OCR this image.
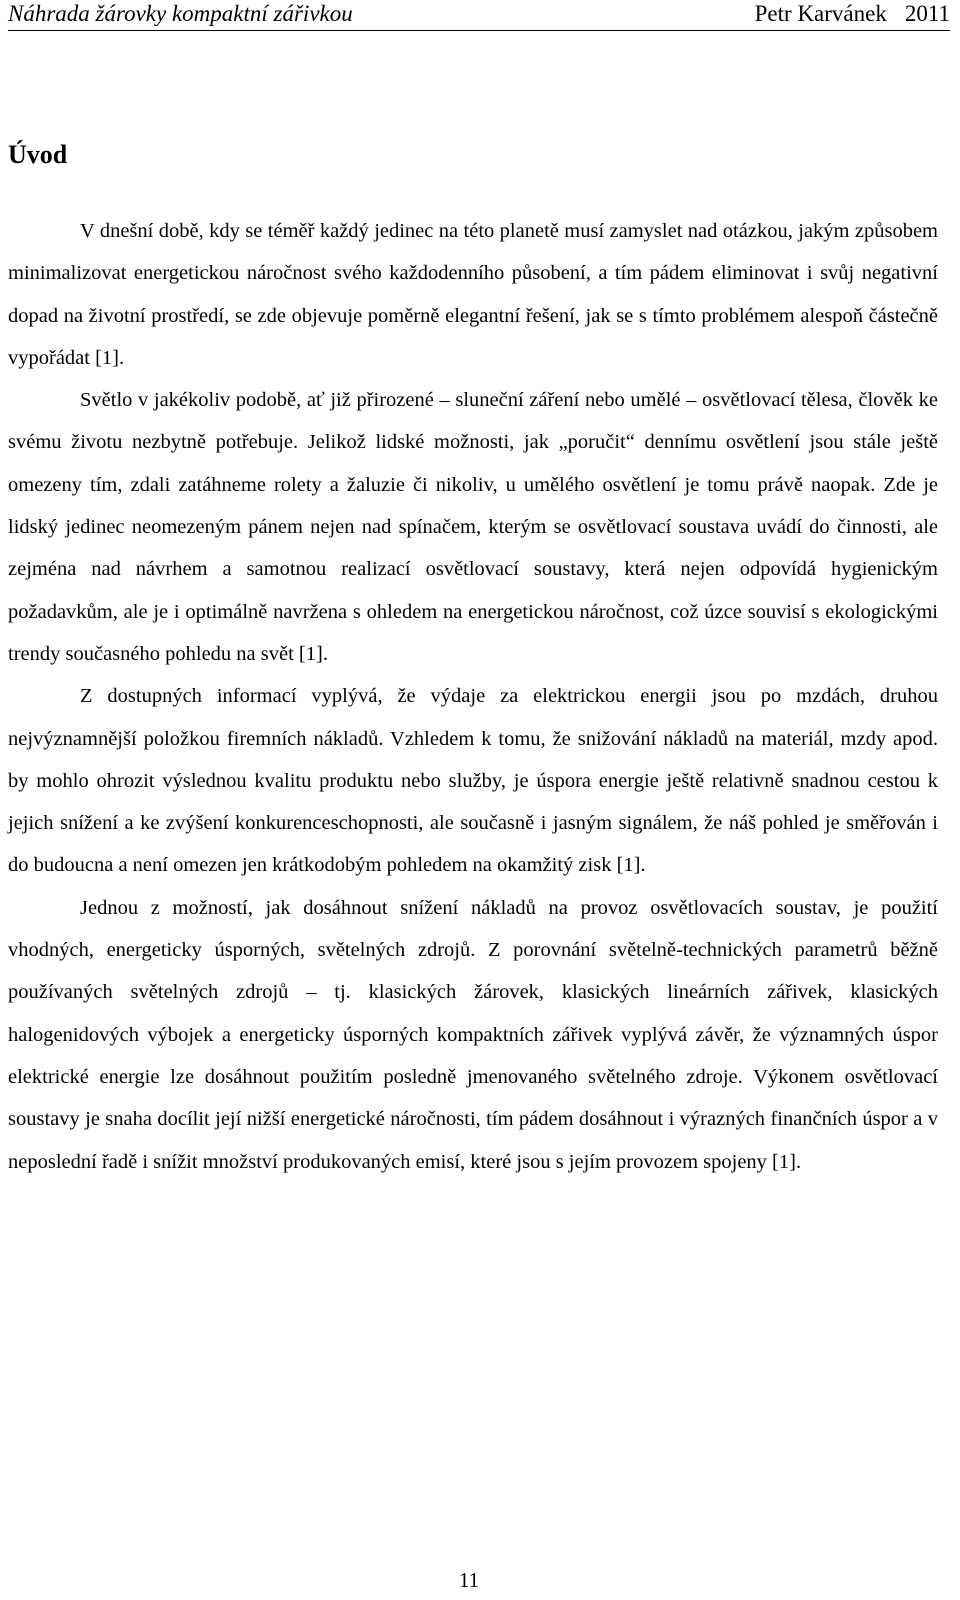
Náhrada žárovky kompaktní zářivkou	Petr Karvánek 2011
Úvod

V dnešní době, kdy se téměř každý jedinec na této planetě musí zamyslet nad otázkou, jakým způsobem minimalizovat energetickou náročnost svého každodenního působení, a tím pádem eliminovat i svůj negativní dopad na životní prostředí, se zde objevuje poměrně elegantní řešení, jak se s tímto problémem alespoň částečně vypořádat [1].

Světlo v jakékoliv podobě, ať již přirozené – sluneční záření nebo umělé – osvětlovací tělesa, člověk ke svému životu nezbytně potřebuje. Jelikož lidské možnosti, jak „poručit“ dennímu osvětlení jsou stále ještě omezeny tím, zdali zatáhneme rolety a žaluzie či nikoliv, u umělého osvětlení je tomu právě naopak. Zde je lidský jedinec neomezeným pánem nejen nad spínačem, kterým se osvětlovací soustava uvádí do činnosti, ale zejména nad návrhem a samotnou realizací osvětlovací soustavy, která nejen odpovídá hygienickým požadavkům, ale je i optimálně navržena s ohledem na energetickou náročnost, což úzce souvisí s ekologickými trendy současného pohledu na svět [1].

Z dostupných informací vyplývá, že výdaje za elektrickou energii jsou po mzdách, druhou nejvýznamnější položkou firemních nákladů. Vzhledem k tomu, že snižování nákladů na materiál, mzdy apod. by mohlo ohrozit výslednou kvalitu produktu nebo služby, je úspora energie ještě relativně snadnou cestou k jejich snížení a ke zvýšení konkurenceschopnosti, ale současně i jasným signálem, že náš pohled je směřován i do budoucna a není omezen jen krátkodobým pohledem na okamžitý zisk [1].

Jednou z možností, jak dosáhnout snížení nákladů na provoz osvětlovacích soustav, je použití vhodných, energeticky úsporných, světelných zdrojů. Z porovnání světelně-technických parametrů běžně používaných světelných zdrojů – tj. klasických žárovek, klasických lineárních zářivek, klasických halogenidových výbojek a energeticky úsporných kompaktních zářivek vyplývá závěr, že významných úspor elektrické energie lze dosáhnout použitím posledně jmenovaného světelného zdroje. Výkonem osvětlovací soustavy je snaha docílit její nižší energetické náročnosti, tím pádem dosáhnout i výrazných finančních úspor a v neposlední řadě i snížit množství produkovaných emisí, které jsou s jejím provozem spojeny [1].

11
